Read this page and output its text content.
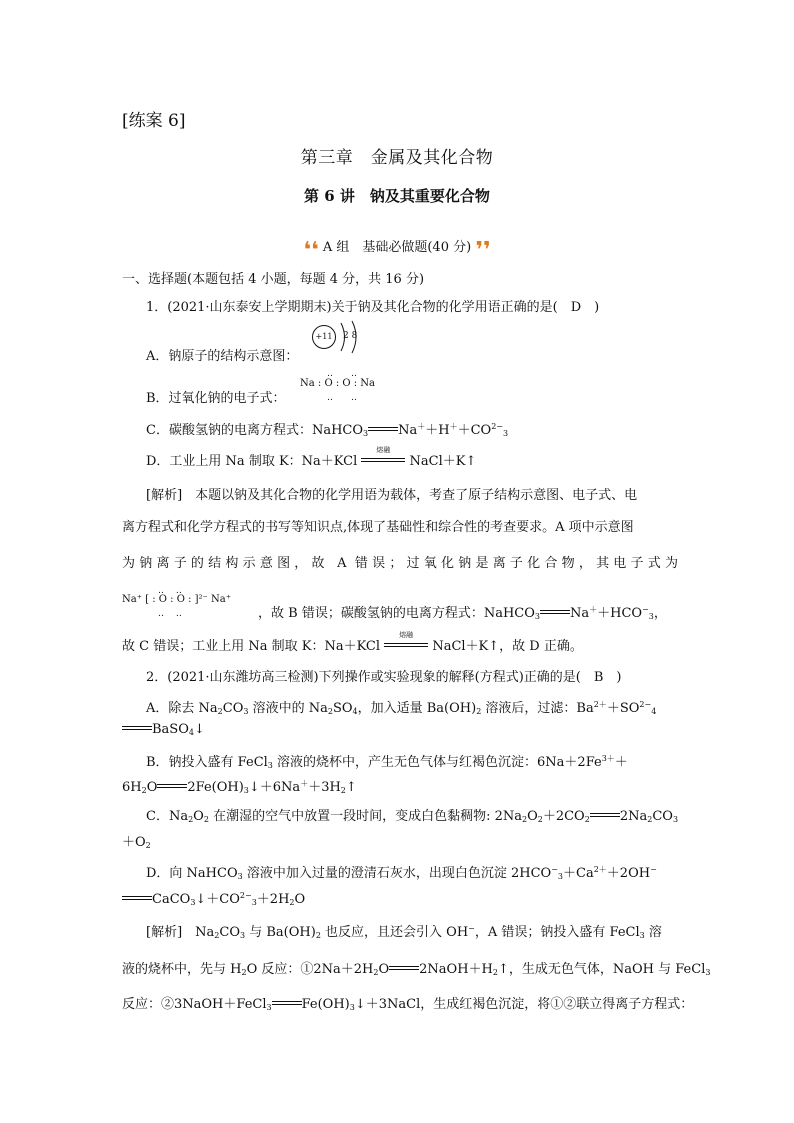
[练案 6]
第三章　金属及其化合物
第 6 讲　钠及其重要化合物
❛❛ A 组　基础必做题(40 分) ❜❜
一、选择题(本题包括 4 小题，每题 4 分，共 16 分)
1．(2021·山东泰安上学期期末)关于钠及其化合物的化学用语正确的是(　D　)
A．钠原子的结构示意图：
+11	2 8
B．过氧化钠的电子式：
　　　‥　　‥
Na : O : O : Na
　　　‥　　‥
C．碳酸氢钠的电离方程式：NaHCO$_3$ $Na^++H^++CO^{2-}_3$
D．工业上用 Na 制取 K：Na＋KCl
熔融
NaCl＋K↑
[解析]　 本题以钠及其化合物的化学用语为载体，考查了原子结构示意图、电子式、电
离方程式和化学方程式的书写等知识点,体现了基础性和综合性的考查要求。A 项中示意图
为钠离子的结构示意图，故 A 错误；过氧化钠是离子化合物，其电子式为
　　　　‥　 ‥
Na⁺ [ : O : O : ]²⁻ Na⁺
　　　　‥　 ‥	，故 B 错误；碳酸氢钠的电离方程式：NaHCO$_3$ $Na^++HCO^-_3$，
故 C 错误；工业上用 Na 制取 K：Na＋KCl
熔融
NaCl＋K↑，故 D 正确。
2．(2021·山东潍坊高三检测)下列操作或实验现象的解释(方程式)正确的是(　B　)
A．除去 $Na_2CO_3$ 溶液中的 $Na_2SO_4$，加入适量 $Ba(OH)_2$ 溶液后，过滤：$Ba^{2+}+SO^{2-}_4$
BaSO$_4$↓
B．钠投入盛有 FeCl$_3$ 溶液的烧杯中，产生无色气体与红褐色沉淀：$6Na+2Fe^{3+}+$
$6H_2O$ $2Fe(OH)_3↓+6Na^++3H_2↑$
C．$Na_2O_2$ 在潮湿的空气中放置一段时间，变成白色黏稠物: $2Na_2O_2+2CO_2$ $2Na_2CO_3$
$+O_2$
D．向 NaHCO$_3$ 溶液中加入过量的澄清石灰水，出现白色沉淀 $2HCO^-_3+Ca^{2+}+2OH^-$
$CaCO_3↓+CO^{2-}_3+2H_2O$
[解析]　$Na_2CO_3$ 与 $Ba(OH)_2$ 也反应，且还会引入 OH−，A 错误；钠投入盛有 FeCl$_3$ 溶
液的烧杯中，先与 $H_2O$ 反应：$①2Na+2H_2O$ $2NaOH+H_2↑$，生成无色气体，NaOH 与 FeCl$_3$
反应：②3NaOH＋FeCl$_3$ $Fe(OH)_3↓+3NaCl$，生成红褐色沉淀，将①②联立得离子方程式：
